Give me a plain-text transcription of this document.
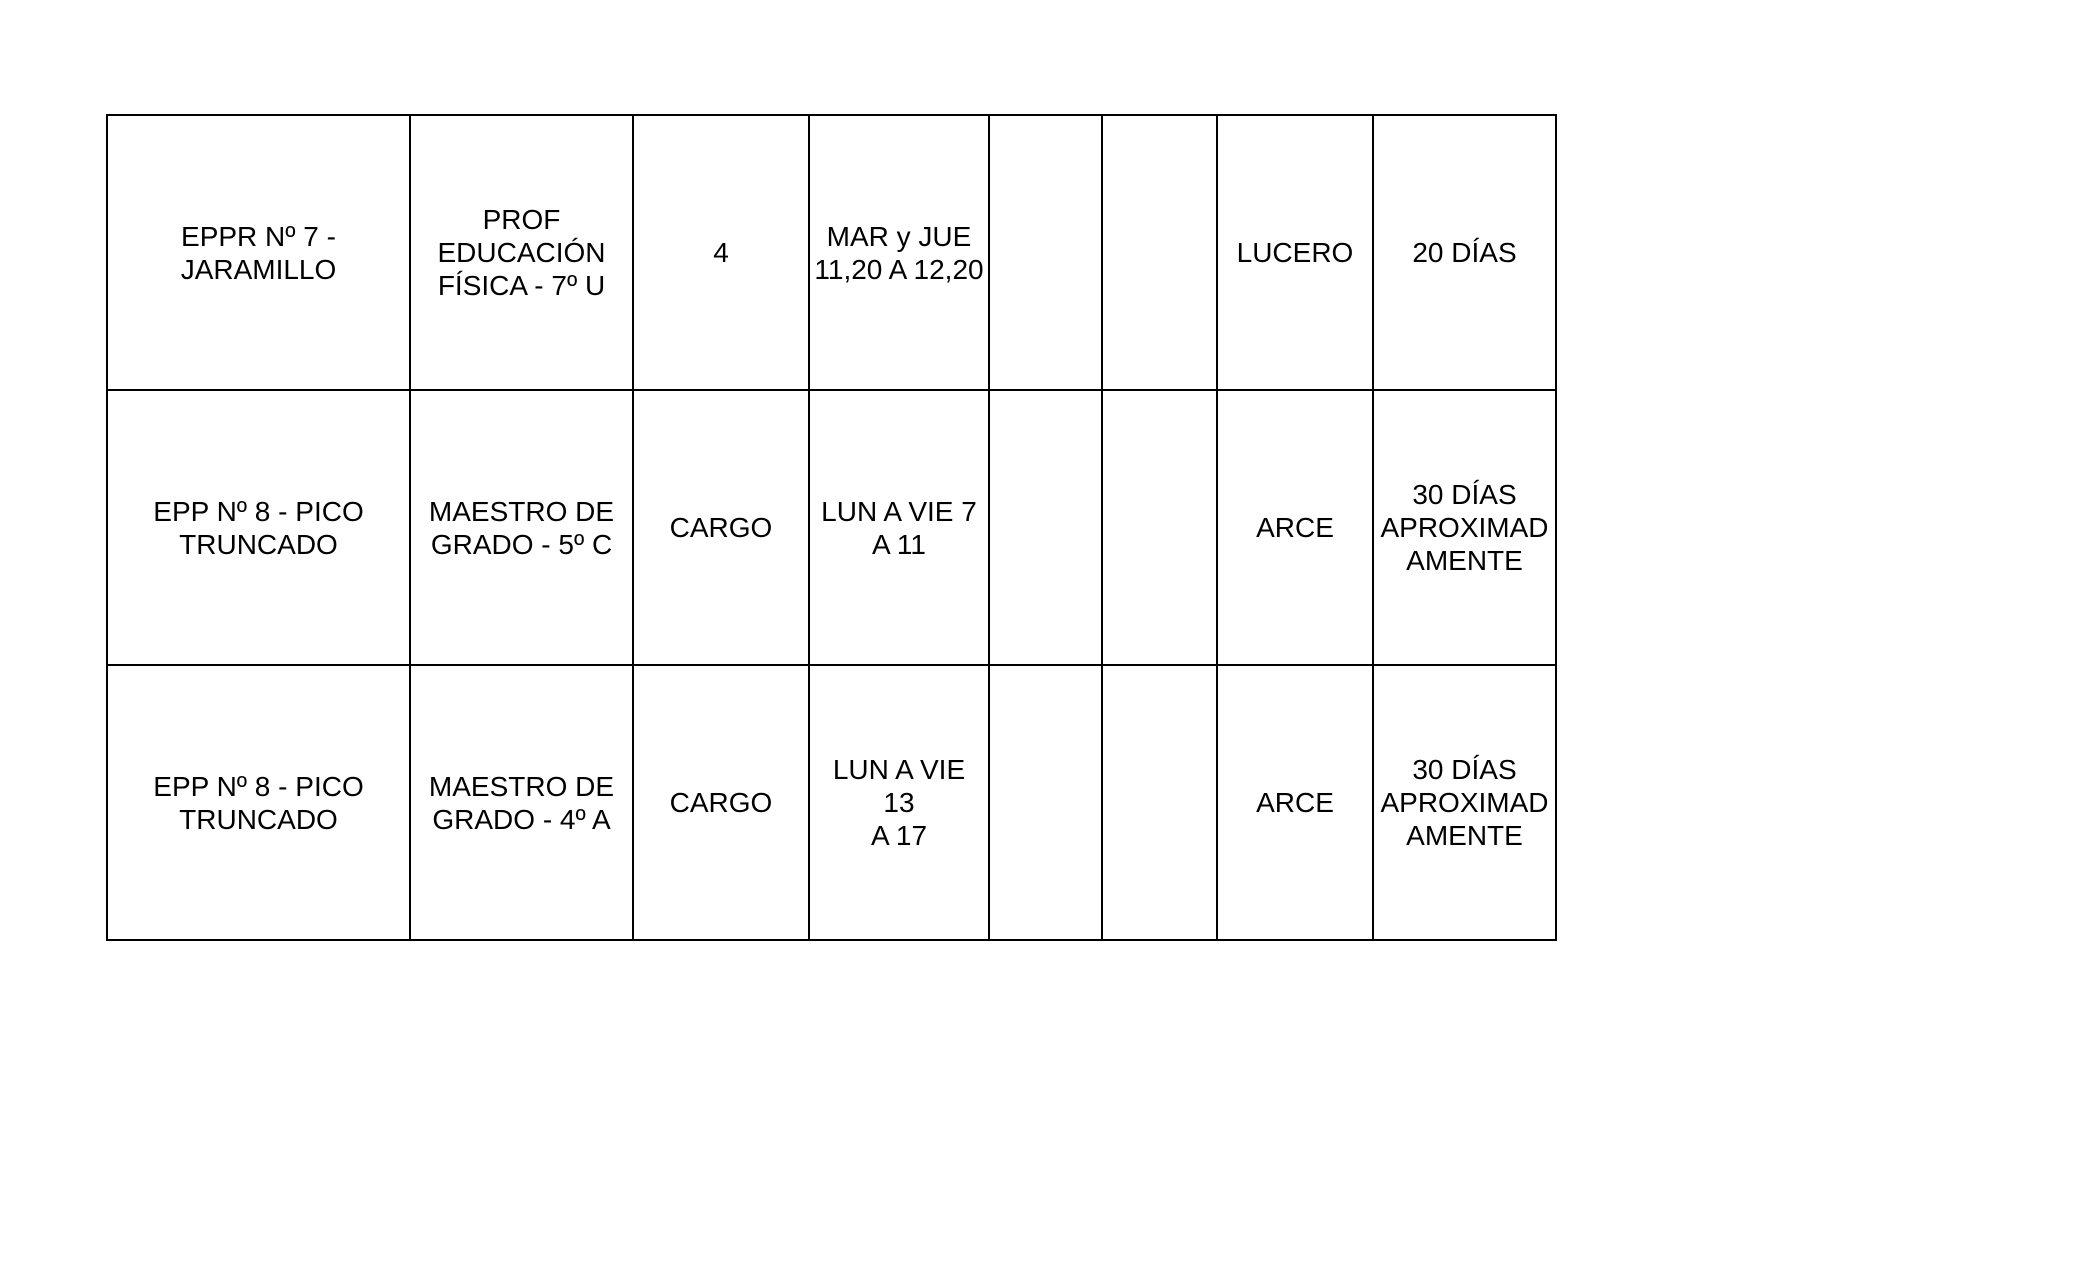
EPPR Nº 7 -
JARAMILLO	PROF
EDUCACIÓN
FÍSICA - 7º U	4	MAR y JUE
11,20 A 12,20			LUCERO	20 DÍAS

EPP Nº 8 - PICO
TRUNCADO	MAESTRO DE
GRADO - 5º C	CARGO	LUN A VIE 7
A 11			ARCE	30 DÍAS
APROXIMAD
AMENTE

EPP Nº 8 - PICO
TRUNCADO	MAESTRO DE
GRADO - 4º A	CARGO	LUN A VIE 13
A 17			ARCE	30 DÍAS
APROXIMAD
AMENTE
